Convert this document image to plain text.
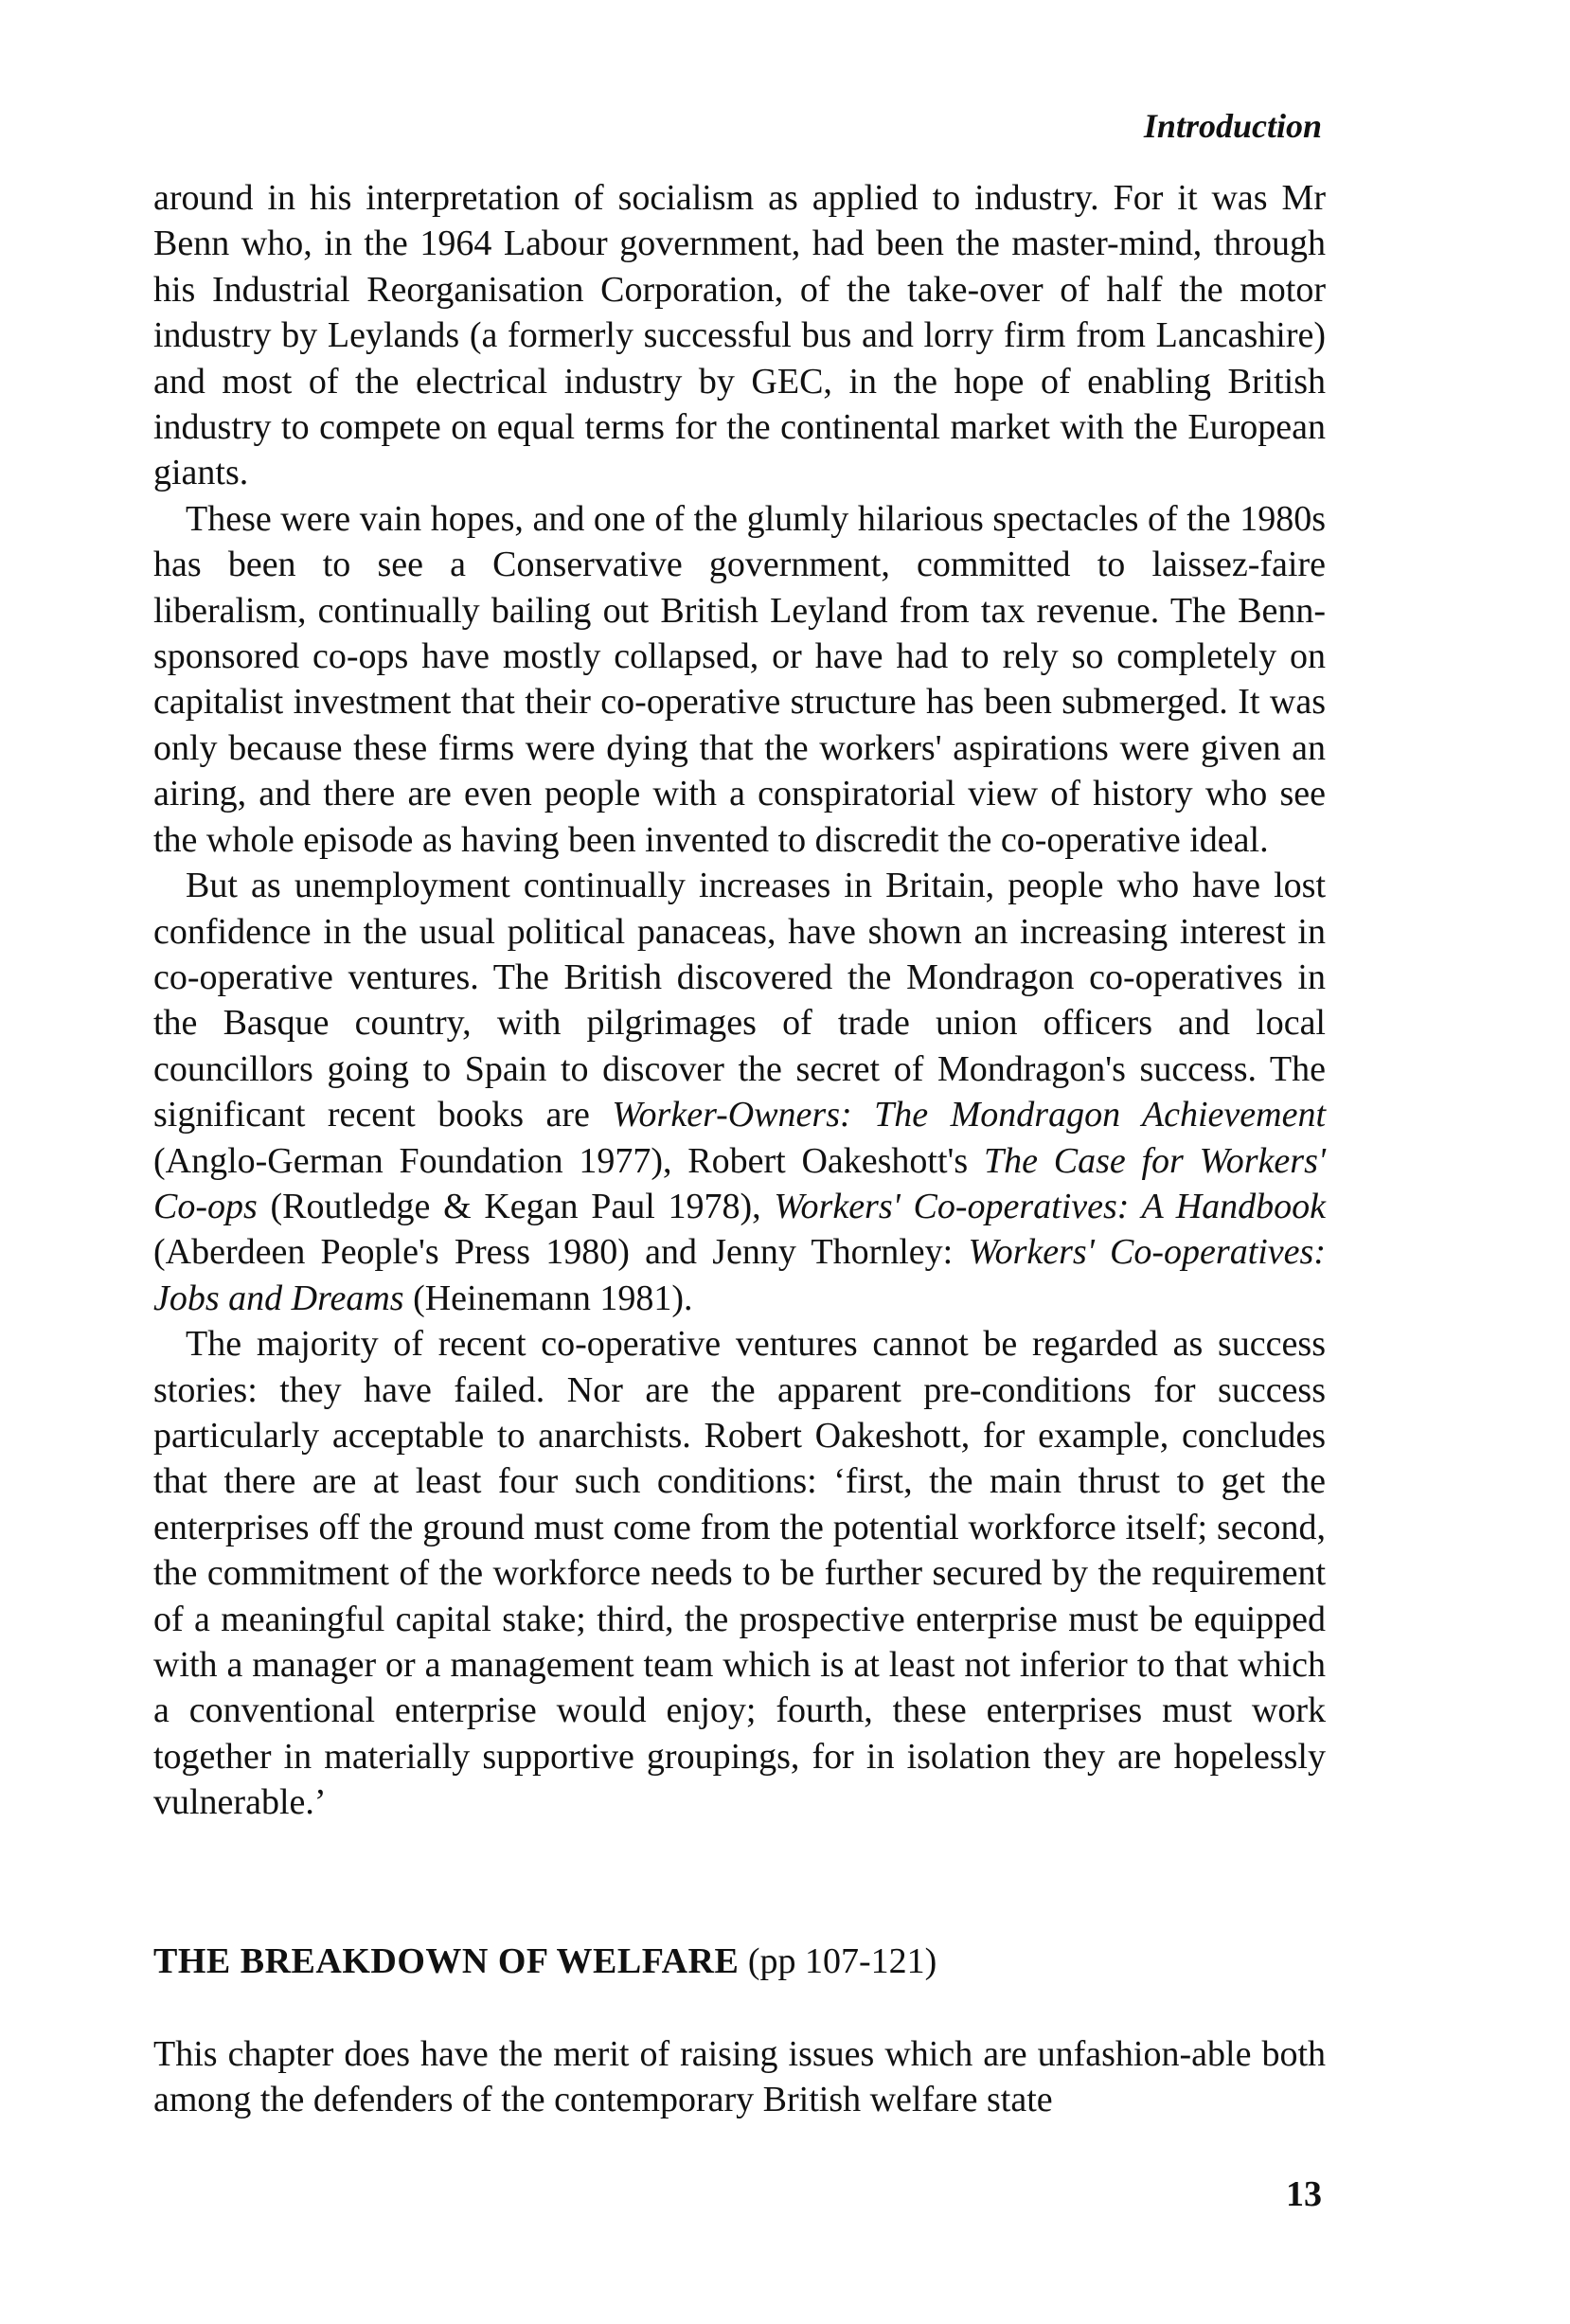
Introduction

around in his interpretation of socialism as applied to industry. For it was Mr Benn who, in the 1964 Labour government, had been the master-mind, through his Industrial Reorganisation Corporation, of the take-over of half the motor industry by Leylands (a formerly successful bus and lorry firm from Lancashire) and most of the electrical industry by GEC, in the hope of enabling British industry to compete on equal terms for the continental market with the European giants.

These were vain hopes, and one of the glumly hilarious spectacles of the 1980s has been to see a Conservative government, committed to laissez-faire liberalism, continually bailing out British Leyland from tax revenue. The Benn-sponsored co-ops have mostly collapsed, or have had to rely so completely on capitalist investment that their co-operative structure has been submerged. It was only because these firms were dying that the workers' aspirations were given an airing, and there are even people with a conspiratorial view of history who see the whole episode as having been invented to discredit the co-operative ideal.

But as unemployment continually increases in Britain, people who have lost confidence in the usual political panaceas, have shown an increasing interest in co-operative ventures. The British discovered the Mondragon co-operatives in the Basque country, with pilgrimages of trade union officers and local councillors going to Spain to discover the secret of Mondragon's success. The significant recent books are Worker-Owners: The Mondragon Achievement (Anglo-German Foundation 1977), Robert Oakeshott's The Case for Workers' Co-ops (Routledge & Kegan Paul 1978), Workers' Co-operatives: A Handbook (Aberdeen People's Press 1980) and Jenny Thornley: Workers' Co-operatives: Jobs and Dreams (Heinemann 1981).

The majority of recent co-operative ventures cannot be regarded as success stories: they have failed. Nor are the apparent pre-conditions for success particularly acceptable to anarchists. Robert Oakeshott, for example, concludes that there are at least four such conditions: ‘first, the main thrust to get the enterprises off the ground must come from the potential workforce itself; second, the commitment of the workforce needs to be further secured by the requirement of a meaningful capital stake; third, the prospective enterprise must be equipped with a manager or a management team which is at least not inferior to that which a conventional enterprise would enjoy; fourth, these enterprises must work together in materially supportive groupings, for in isolation they are hopelessly vulnerable.’

THE BREAKDOWN OF WELFARE (pp 107-121)

This chapter does have the merit of raising issues which are unfashion-able both among the defenders of the contemporary British welfare state

13
